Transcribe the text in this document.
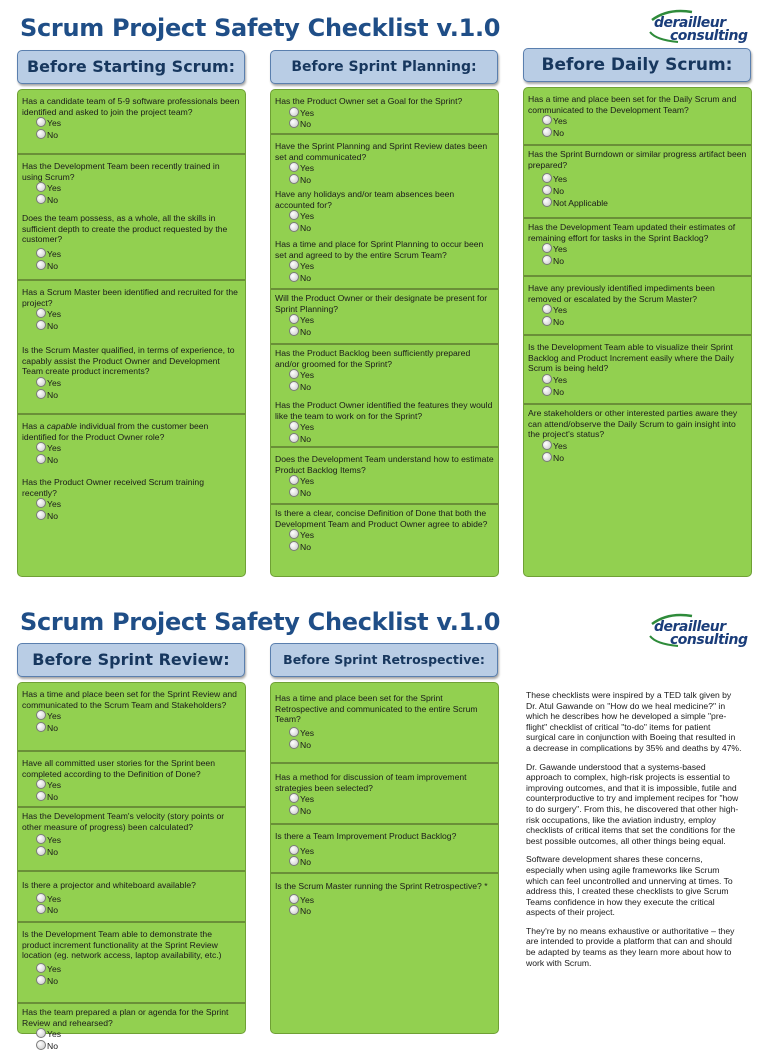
Scrum Project Safety Checklist v.1.0	derailleur
consulting
Before Starting Scrum:
Has a candidate team of 5-9 software professionals been identified and asked to join the project team?
Yes
No
Has the Development Team been recently trained in using Scrum?
Yes
No
Does the team possess, as a whole, all the skills in sufficient depth to create the product requested by the customer?
Yes
No
Has a Scrum Master been identified and recruited for the project?
Yes
No
Is the Scrum Master qualified, in terms of experience, to capably assist the Product Owner and Development Team create product increments?
Yes
No
Has a capable individual from the customer been identified for the Product Owner role?
Yes
No
Has the Product Owner received Scrum training recently?
Yes
No
Before Sprint Planning:
Has the Product Owner set a Goal for the Sprint?
Yes
No
Have the Sprint Planning and Sprint Review dates been set and communicated?
Yes
No
Have any holidays and/or team absences been accounted for?
Yes
No
Has a time and place for Sprint Planning to occur been set and agreed to by the entire Scrum Team?
Yes
No
Will the Product Owner or their designate be present for Sprint Planning?
Yes
No
Has the Product Backlog been sufficiently prepared and/or groomed for the Sprint?
Yes
No
Has the Product Owner identified the features they would like the team to work on for the Sprint?
Yes
No
Does the Development Team understand how to estimate Product Backlog Items?
Yes
No
Is there a clear, concise Definition of Done that both the Development Team and Product Owner agree to abide?
Yes
No
Before Daily Scrum:
Has a time and place been set for the Daily Scrum and communicated to the Development Team?
Yes
No
Has the Sprint Burndown or similar progress artifact been prepared?
Yes
No
Not Applicable
Has the Development Team updated their estimates of remaining effort for tasks in the Sprint Backlog?
Yes
No
Have any previously identified impediments been removed or escalated by the Scrum Master?
Yes
No
Is the Development Team able to visualize their Sprint Backlog and Product Increment easily where the Daily Scrum is being held?
Yes
No
Are stakeholders or other interested parties aware they can attend/observe the Daily Scrum to gain insight into the project's status?
Yes
No
Scrum Project Safety Checklist v.1.0	derailleur
consulting
Before Sprint Review:
Has a time and place been set for the Sprint Review and communicated to the Scrum Team and Stakeholders?
Yes
No
Have all committed user stories for the Sprint been completed according to the Definition of Done?
Yes
No
Has the Development Team's velocity (story points or other measure of progress) been calculated?
Yes
No
Is there a projector and whiteboard available?
Yes
No
Is the Development Team able to demonstrate the product increment functionality at the Sprint Review location (eg. network access, laptop availability, etc.)
Yes
No
Has the team prepared a plan or agenda for the Sprint Review and rehearsed?
Yes
No
Before Sprint Retrospective:
Has a time and place been set for the Sprint Retrospective and communicated to the entire Scrum Team?
Yes
No
Has a method for discussion of team improvement strategies been selected?
Yes
No
Is there a Team Improvement Product Backlog?
Yes
No
Is the Scrum Master running the Sprint Retrospective? *
Yes
No

These checklists were inspired by a TED talk given by Dr. Atul Gawande on "How do we heal medicine?" in which he describes how he developed a simple "pre-flight" checklist of critical "to-do" items for patient surgical care in conjunction with Boeing that resulted in a decrease in complications by 35% and deaths by 47%.

Dr. Gawande understood that a systems-based approach to complex, high-risk projects is essential to improving outcomes, and that it is impossible, futile and counterproductive to try and implement recipes for "how to do surgery". From this, he discovered that other high-risk occupations, like the aviation industry, employ checklists of critical items that set the conditions for the best possible outcomes, all other things being equal.

Software development shares these concerns, especially when using agile frameworks like Scrum which can feel uncontrolled and unnerving at times. To address this, I created these checklists to give Scrum Teams confidence in how they execute the critical aspects of their project.

They're by no means exhaustive or authoritative – they are intended to provide a platform that can and should be adapted by teams as they learn more about how to work with Scrum.
